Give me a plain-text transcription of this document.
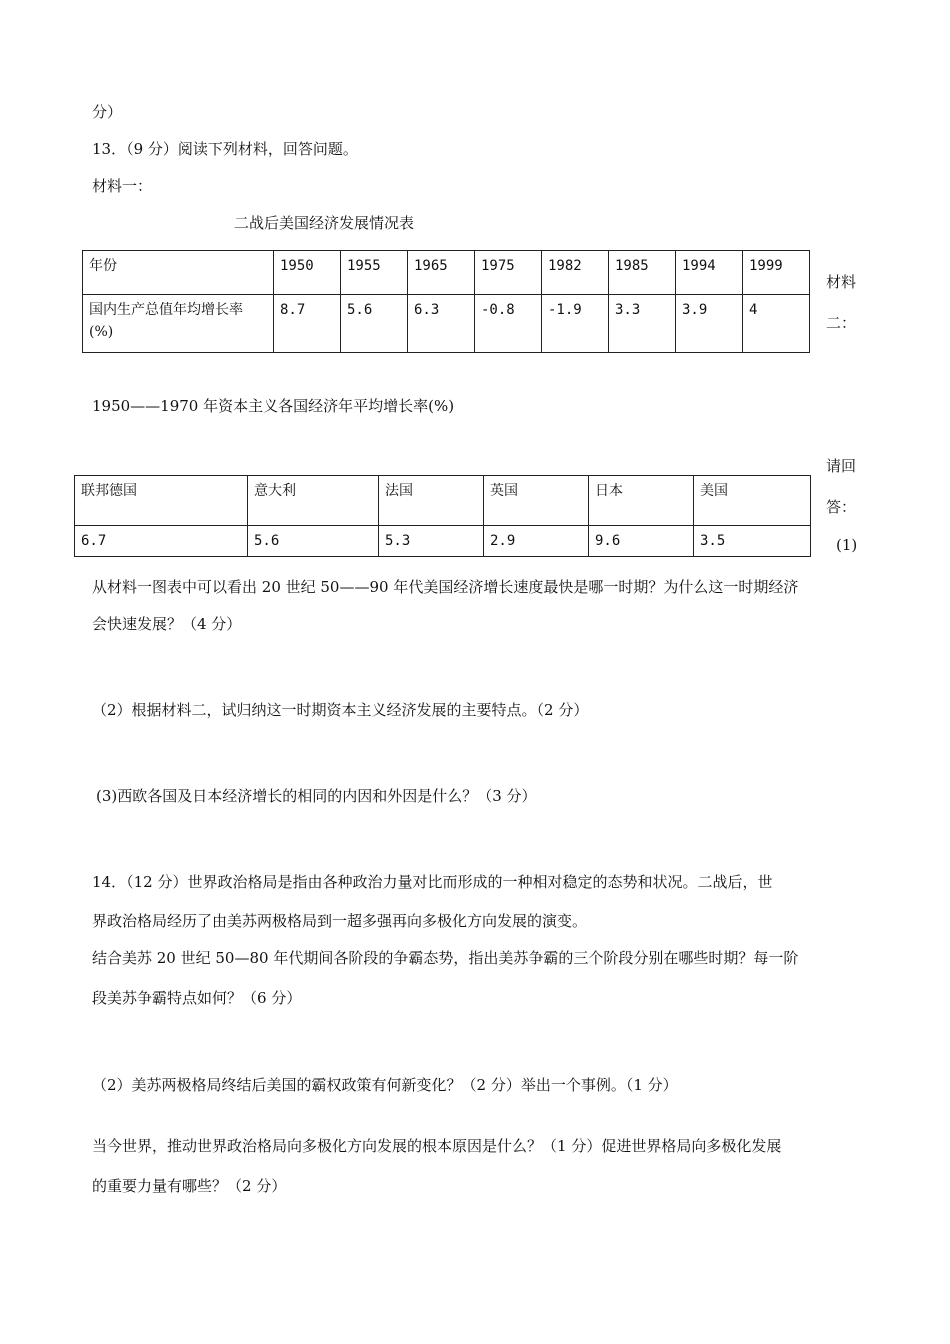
分）
13．（9 分）阅读下列材料，回答问题。
材料一：
二战后美国经济发展情况表
年份	1950	1955	1965	1975	1982	1985	1994	1999
国内生产总值年均增长率(%)	8.7	5.6	6.3	-0.8	-1.9	3.3	3.9	4
材料
二：
1950——1970 年资本主义各国经济年平均增长率(%)
请回
答：
(1)
联邦德国	意大利	法国	英国	日本	美国
6.7	5.6	5.3	2.9	9.6	3.5
从材料一图表中可以看出 20 世纪 50——90 年代美国经济增长速度最快是哪一时期？为什么这一时期经济
会快速发展？（4 分）
（2）根据材料二，试归纳这一时期资本主义经济发展的主要特点。（2 分）
(3)西欧各国及日本经济增长的相同的内因和外因是什么？（3 分）
14．（12 分）世界政治格局是指由各种政治力量对比而形成的一种相对稳定的态势和状况。二战后，世
界政治格局经历了由美苏两极格局到一超多强再向多极化方向发展的演变。
结合美苏 20 世纪 50—80 年代期间各阶段的争霸态势，指出美苏争霸的三个阶段分别在哪些时期？每一阶
段美苏争霸特点如何？（6 分）
（2）美苏两极格局终结后美国的霸权政策有何新变化？（2 分）举出一个事例。（1 分）
当今世界，推动世界政治格局向多极化方向发展的根本原因是什么？（1 分）促进世界格局向多极化发展
的重要力量有哪些？（2 分）
